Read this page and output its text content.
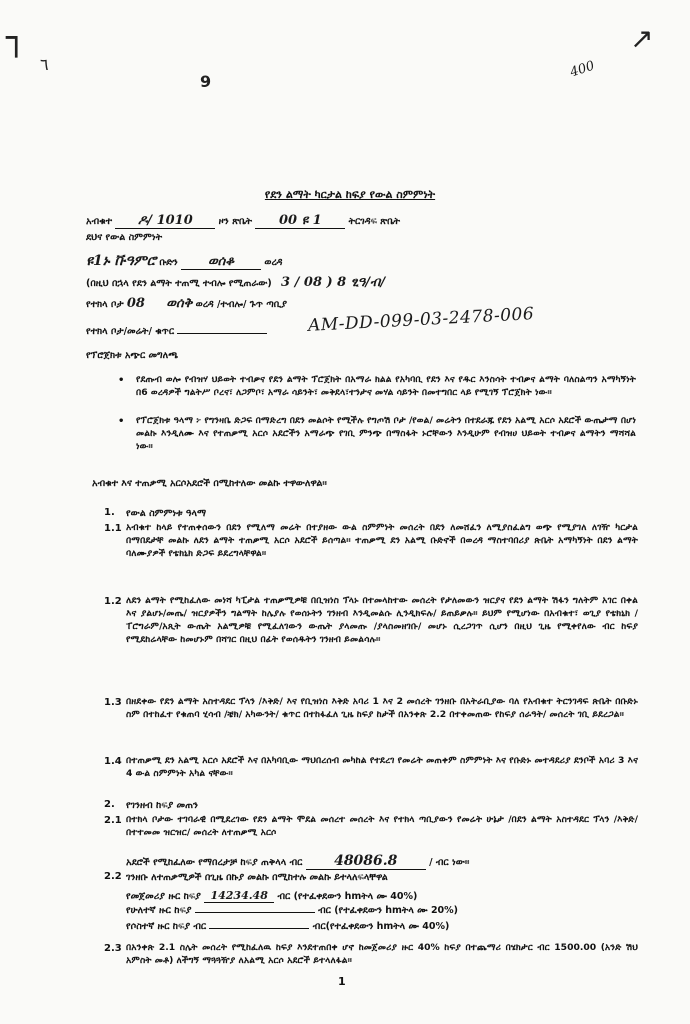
┐
٦
9
↗
400
የደን ልማት ካርታል ከፍያ የውል ስምምነት
አብቁተ ዶ/ 1010	ዞን ጽቤት 00 ዩ 1	ትርገዳፍ ጽቤት
ደህና የውል ስምምነት
ዩ1ኑ ቩዓምሮ ቡድን ወሰቆ	ወረዳ
(በዚህ በኋላ የደን ልማት ተጠሚ ተብሎ የሚጠራው) 3 / 08 ) 8 ፂዓ/ብ/
የተክላ ቦታ 08 ወሰቅ ወረዳ /ተብሎ/ ጉጥ ጣቢያ
የተክላ ቦታ/መሬት/ ቁጥር	AM-DD-099-03-2478-006
የፕሮጀክቱ አጭር መግለጫ
• የደጡብ ወሎ የብዝሃ ህይወት ተብቃና የደን ልማት ፕሮጀክት በአማራ ክልል የአካባቢ የደን እና የዱር እንስሳት ተብቃና ልማት ባለስልጣን አማካኝነት በ6 ወረዳዎች ግልትሥ ቦረና፣ ለጋምቦ፣ አማራ ሳይንት፣ መቅደላ፣ተንታና መሃል ሳይንት በመተግበር ላይ የሚገኝ ፕሮጀክት ነው፡፡
• የፕሮጀክቱ ዓላማ ፦ የግንዛቤ ድጋፍ በማድረግ በደን መልሶት የሚችሉ የግጦሽ ቦታ /የወል/ መሬትን በተደራጁ የደን አልሚ አርሶ አደሮች ውጤታማ በሆነ መልኩ እንዲለሙ እና የተጠቃሚ አርሶ አደሮችን አማራጭ የገቢ ምንጭ በማስፋት ኑሮቸውን እንዲሁም የብዝሀ ህይወት ተብቃና ልማትን ማሻሻል ነው፡፡
አብቁተ እና ተጠቃሚ አርሶአደሮች በሚከተለው መልኩ ተዋውለዋል፡፡
1. የውል ስምምነቱ ዓላማ
1.1 አብቁተ ከላይ የተጠቀሰውን በደን የሚለማ መሬት በተያዘው ውል ስምምነት መሰረት በደን ለመሸፈን ለሚያስፈልግ ወጭ የሚያገለ ለገዥ ካርታል በማበደታቸ መልኩ ለደን ልማት ተጠቃሚ አርሶ አደሮች ይሰጣል፡፡ ተጠቃሚ ደን አልሚ ቡድኖች በወረዳ ማስተባበሪያ ጽቤት አማካኝነት በደን ልማት ባለሙያዎች የቴክኒክ ድጋፍ ይደረግላቸዋል፡፡
1.2 ለደን ልማት የሚከፈለው መነሻ ካፒታል ተጠቃሚዎቹ በቢዝነስ ፕላኑ በተመላከተው መሰረት የታለመውን ዝርያና የደን ልማት ሽፋን ግለትም አገር በቀል እና ያልሆኑ/መጤ/ ዝርያዎችን ግልማት ከሌያሉ የወሰኑትን ገንዘብ እንዲመልሱ ሊንዲክፍሉ/ ይጠይቃሉ፡፡ ይህም የሚሆነው በአብቁተ፣ ወጊያ የቴክኒክ /ፐሮግራም/አጺት ውጤት አልሚዎቹ የሚፈለገውን ውጤት ያላመጡ /ያላስመዘገቡ/ መሆኑ ሲረጋገጥ ሲሆን በዚህ ጊዜ የሚቀየለው ብር ከፍያ የሚደከሬላቸው ከመሆኑም በሻገር በዚህ በፊት የወሰዱትን ገንዘብ ይመልሳሉ፡፡
1.3 በዘደቀው የደን ልማት አስተዳደር ፕላን /እቅድ/ እና የቢዝነስ እቅድ አባሪ 1 እና 2 መሰረት ገንዘቡ በአትራቢያው ባለ የአብቁተ ትርንገዳፍ ጽቤት በቡድኑ ስም በተከፈተ የቁጠባ ሂሳብ /ቼክ/ አካውንት/ ቁጥር በተከፋፈለ ጊዜ ከፍያ ከታች በአንቀጽ 2.2 በተቀመጠው የከፍያ ሰራዓት/ መሰረት ገቢ ይደረጋል፡፡
1.4 በተጠቃሚ ደን አልሚ አርሶ አደሮች እና በአካባቢው ማህበረሰብ መካከል የተደረገ የመሬት መጠቀም ስምምነት እና የቡድኑ መተዳደሪያ ደንቦች አባሪ 3 እና 4 ውል ስምምነት አካል ናቸው፡፡
2. የገንዘብ ከፍያ መጠን
2.1 በተክላ ቦታው ተገባራዊ በሚደረገው የደን ልማት ሞደል መሰረተ መሰረት እና የተክላ ጣቢያውን የመሬት ሁኔታ /በደን ልማት አስተዳደር ፕላን /እቅድ/ በተተመመ ዝርዝር/ መሰረት ለተጠቃሚ አርሶ
አደሮች የሚከፈለው የማበረታቻ ከፍያ ጠቅላላ ብር 48086.8	/ ብር ነው፡፡
2.2 ገንዘቡ ለተጠቃሚዎች በጊዜ በኩያ መልኩ በሚከተሉ መልኩ ይተላለፍላቸዋል
የመጀመሪያ ዙር ከፍያ 14234.48 ብር (የተፈቀደውን hmትላ ሙ 40%)
የሁለተኛ ዙር ከፍያ	ብር (የተፈቀደውን hmትላ ሙ 20%)
የሶስተኛ ዙር ከፍያ ብር	ብር(የተፈቀደውን hmትላ ሙ 40%)
2.3 በአንቀጽ 2.1 ስሌት መሰረት የሚከፈለዉ ከፍያ እንደተጠበቀ ሆኖ ከመጀመሪያ ዙር 40% ከፍያ በተጨማሪ በሄክታር ብር 1500.00 (አንድ ሽህ አምስት መቶ) ለችግኝ ማጓጓዥያ ለአልሚ አርሶ አደሮች ይተላለፋል፡፡
1
